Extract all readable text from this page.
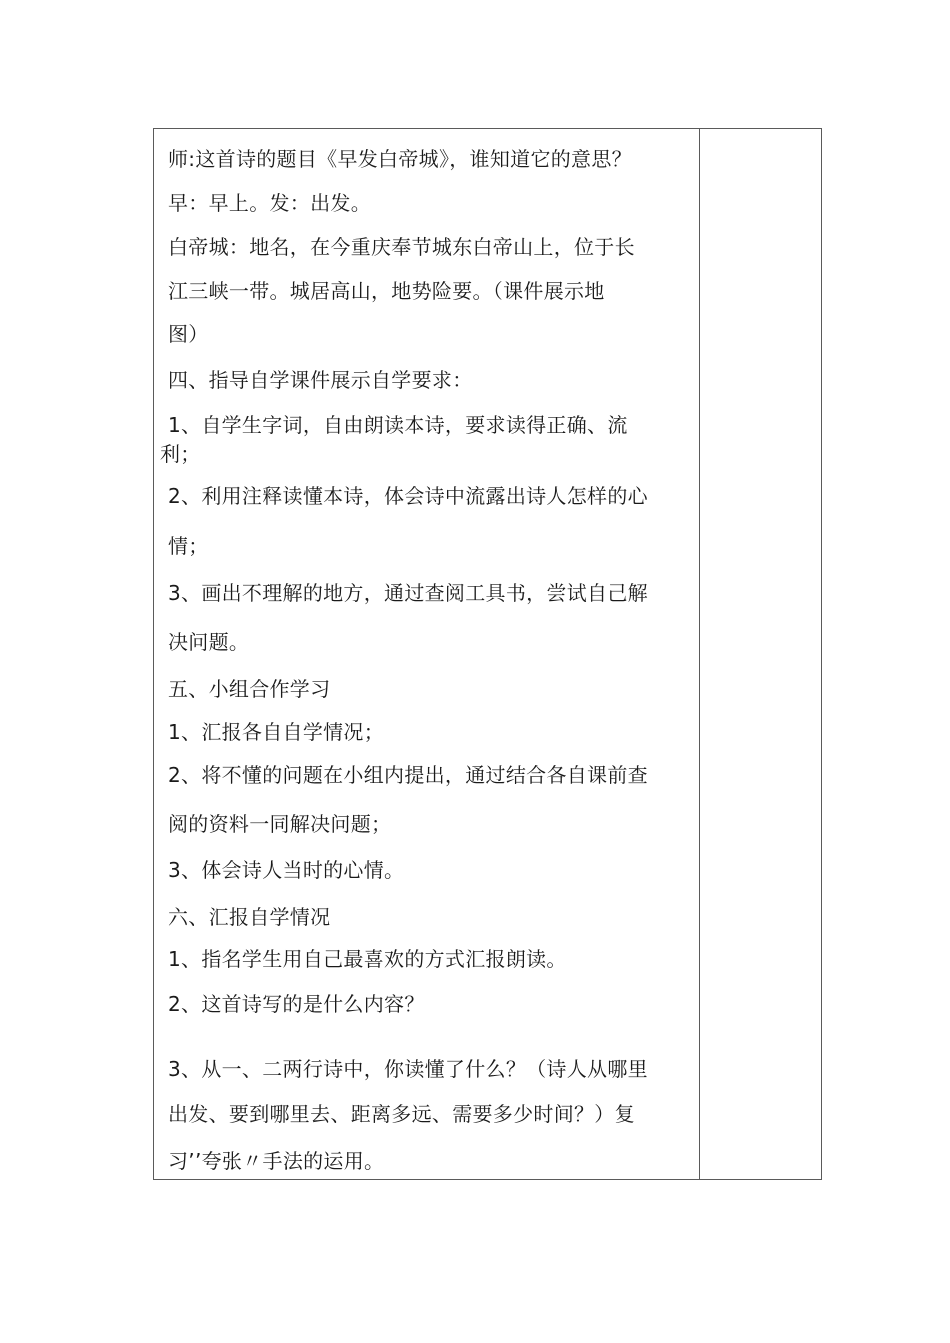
师:这首诗的题目《早发白帝城》，谁知道它的意思？
早：早上。发：出发。
白帝城：地名，在今重庆奉节城东白帝山上，位于长
江三峡一带。城居高山，地势险要。（课件展示地
图）
四、指导自学课件展示自学要求：
1、自学生字词，自由朗读本诗，要求读得正确、流
利；
2、利用注释读懂本诗，体会诗中流露出诗人怎样的心
情；
3、画出不理解的地方，通过查阅工具书，尝试自己解
决问题。
五、小组合作学习
1、汇报各自自学情况；
2、将不懂的问题在小组内提出，通过结合各自课前查
阅的资料一同解决问题；
3、体会诗人当时的心情。
六、汇报自学情况
1、指名学生用自己最喜欢的方式汇报朗读。
2、这首诗写的是什么内容？
3、从一、二两行诗中，你读懂了什么？（诗人从哪里
出发、要到哪里去、距离多远、需要多少时间？）复
习’’夸张〃手法的运用。
